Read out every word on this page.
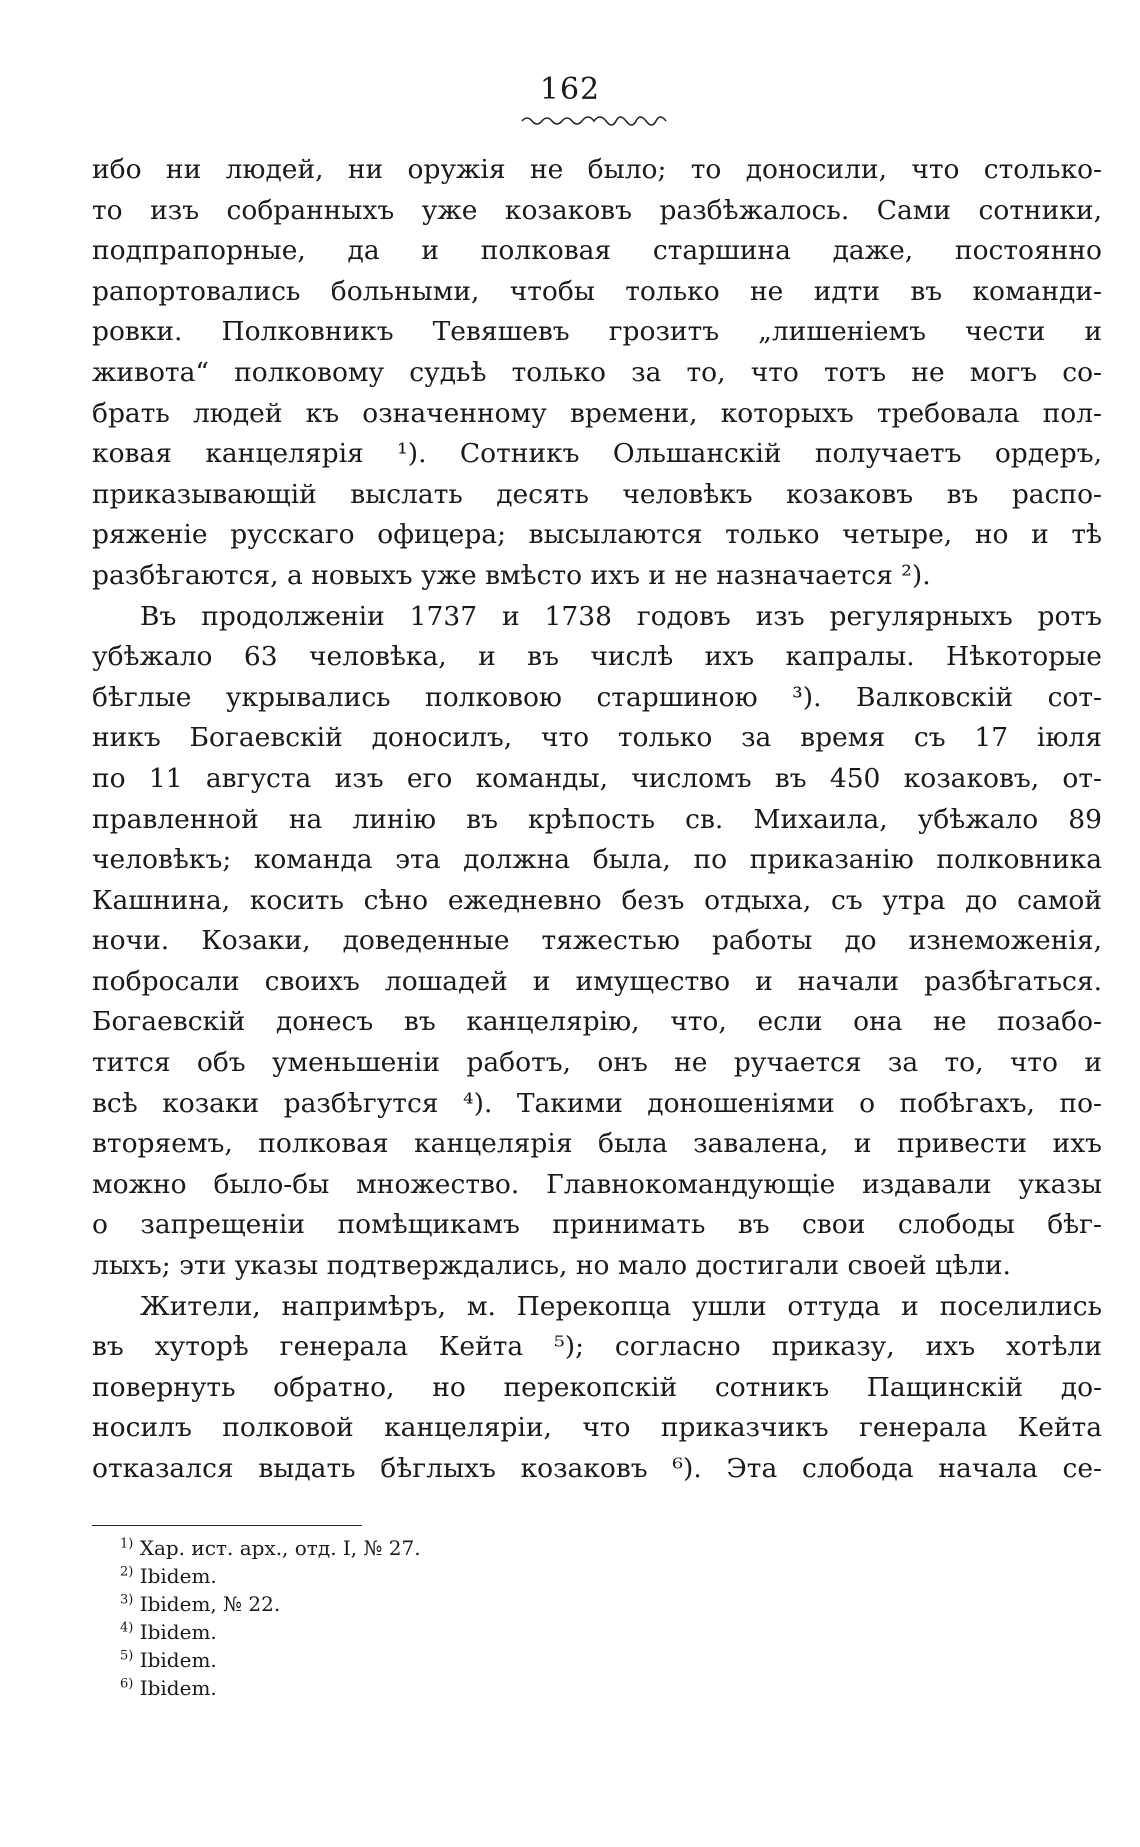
162
ибо ни людей, ни оружія не было; то доносили, что столько-
то изъ собранныхъ уже козаковъ разбѣжалось. Сами сотники,
подпрапорные, да и полковая старшина даже, постоянно
рапортовались больными, чтобы только не идти въ команди-
ровки. Полковникъ Тевяшевъ грозитъ „лишеніемъ чести и
живота“ полковому судьѣ только за то, что тотъ не могъ со-
брать людей къ означенному времени, которыхъ требовала пол-
ковая канцелярія ¹). Сотникъ Ольшанскій получаетъ ордеръ,
приказывающій выслать десять человѣкъ козаковъ въ распо-
ряженіе русскаго офицера; высылаются только четыре, но и тѣ
разбѣгаются, а новыхъ уже вмѣсто ихъ и не назначается ²).
Въ продолженіи 1737 и 1738 годовъ изъ регулярныхъ ротъ
убѣжало 63 человѣка, и въ числѣ ихъ капралы. Нѣкоторые
бѣглые укрывались полковою старшиною ³). Валковскій сот-
никъ Богаевскій доносилъ, что только за время съ 17 іюля
по 11 августа изъ его команды, числомъ въ 450 козаковъ, от-
правленной на линію въ крѣпость св. Михаила, убѣжало 89
человѣкъ; команда эта должна была, по приказанію полковника
Кашнина, косить сѣно ежедневно безъ отдыха, съ утра до самой
ночи. Козаки, доведенные тяжестью работы до изнеможенія,
побросали своихъ лошадей и имущество и начали разбѣгаться.
Богаевскій донесъ въ канцелярію, что, если она не позабо-
тится объ уменьшеніи работъ, онъ не ручается за то, что и
всѣ козаки разбѣгутся ⁴). Такими доношеніями о побѣгахъ, по-
вторяемъ, полковая канцелярія была завалена, и привести ихъ
можно было-бы множество. Главнокомандующіе издавали указы
о запрещеніи помѣщикамъ принимать въ свои слободы бѣг-
лыхъ; эти указы подтверждались, но мало достигали своей цѣли.
Жители, напримѣръ, м. Перекопца ушли оттуда и поселились
въ хуторѣ генерала Кейта ⁵); согласно приказу, ихъ хотѣли
повернуть обратно, но перекопскій сотникъ Пащинскій до-
носилъ полковой канцеляріи, что приказчикъ генерала Кейта
отказался выдать бѣглыхъ козаковъ ⁶). Эта слобода начала се-
$^{1)}$ Хар. ист. арх., отд. I, № 27.
$^{2)}$ Ibidem.
$^{3)}$ Ibidem, № 22.
$^{4)}$ Ibidem.
$^{5)}$ Ibidem.
$^{6)}$ Ibidem.
